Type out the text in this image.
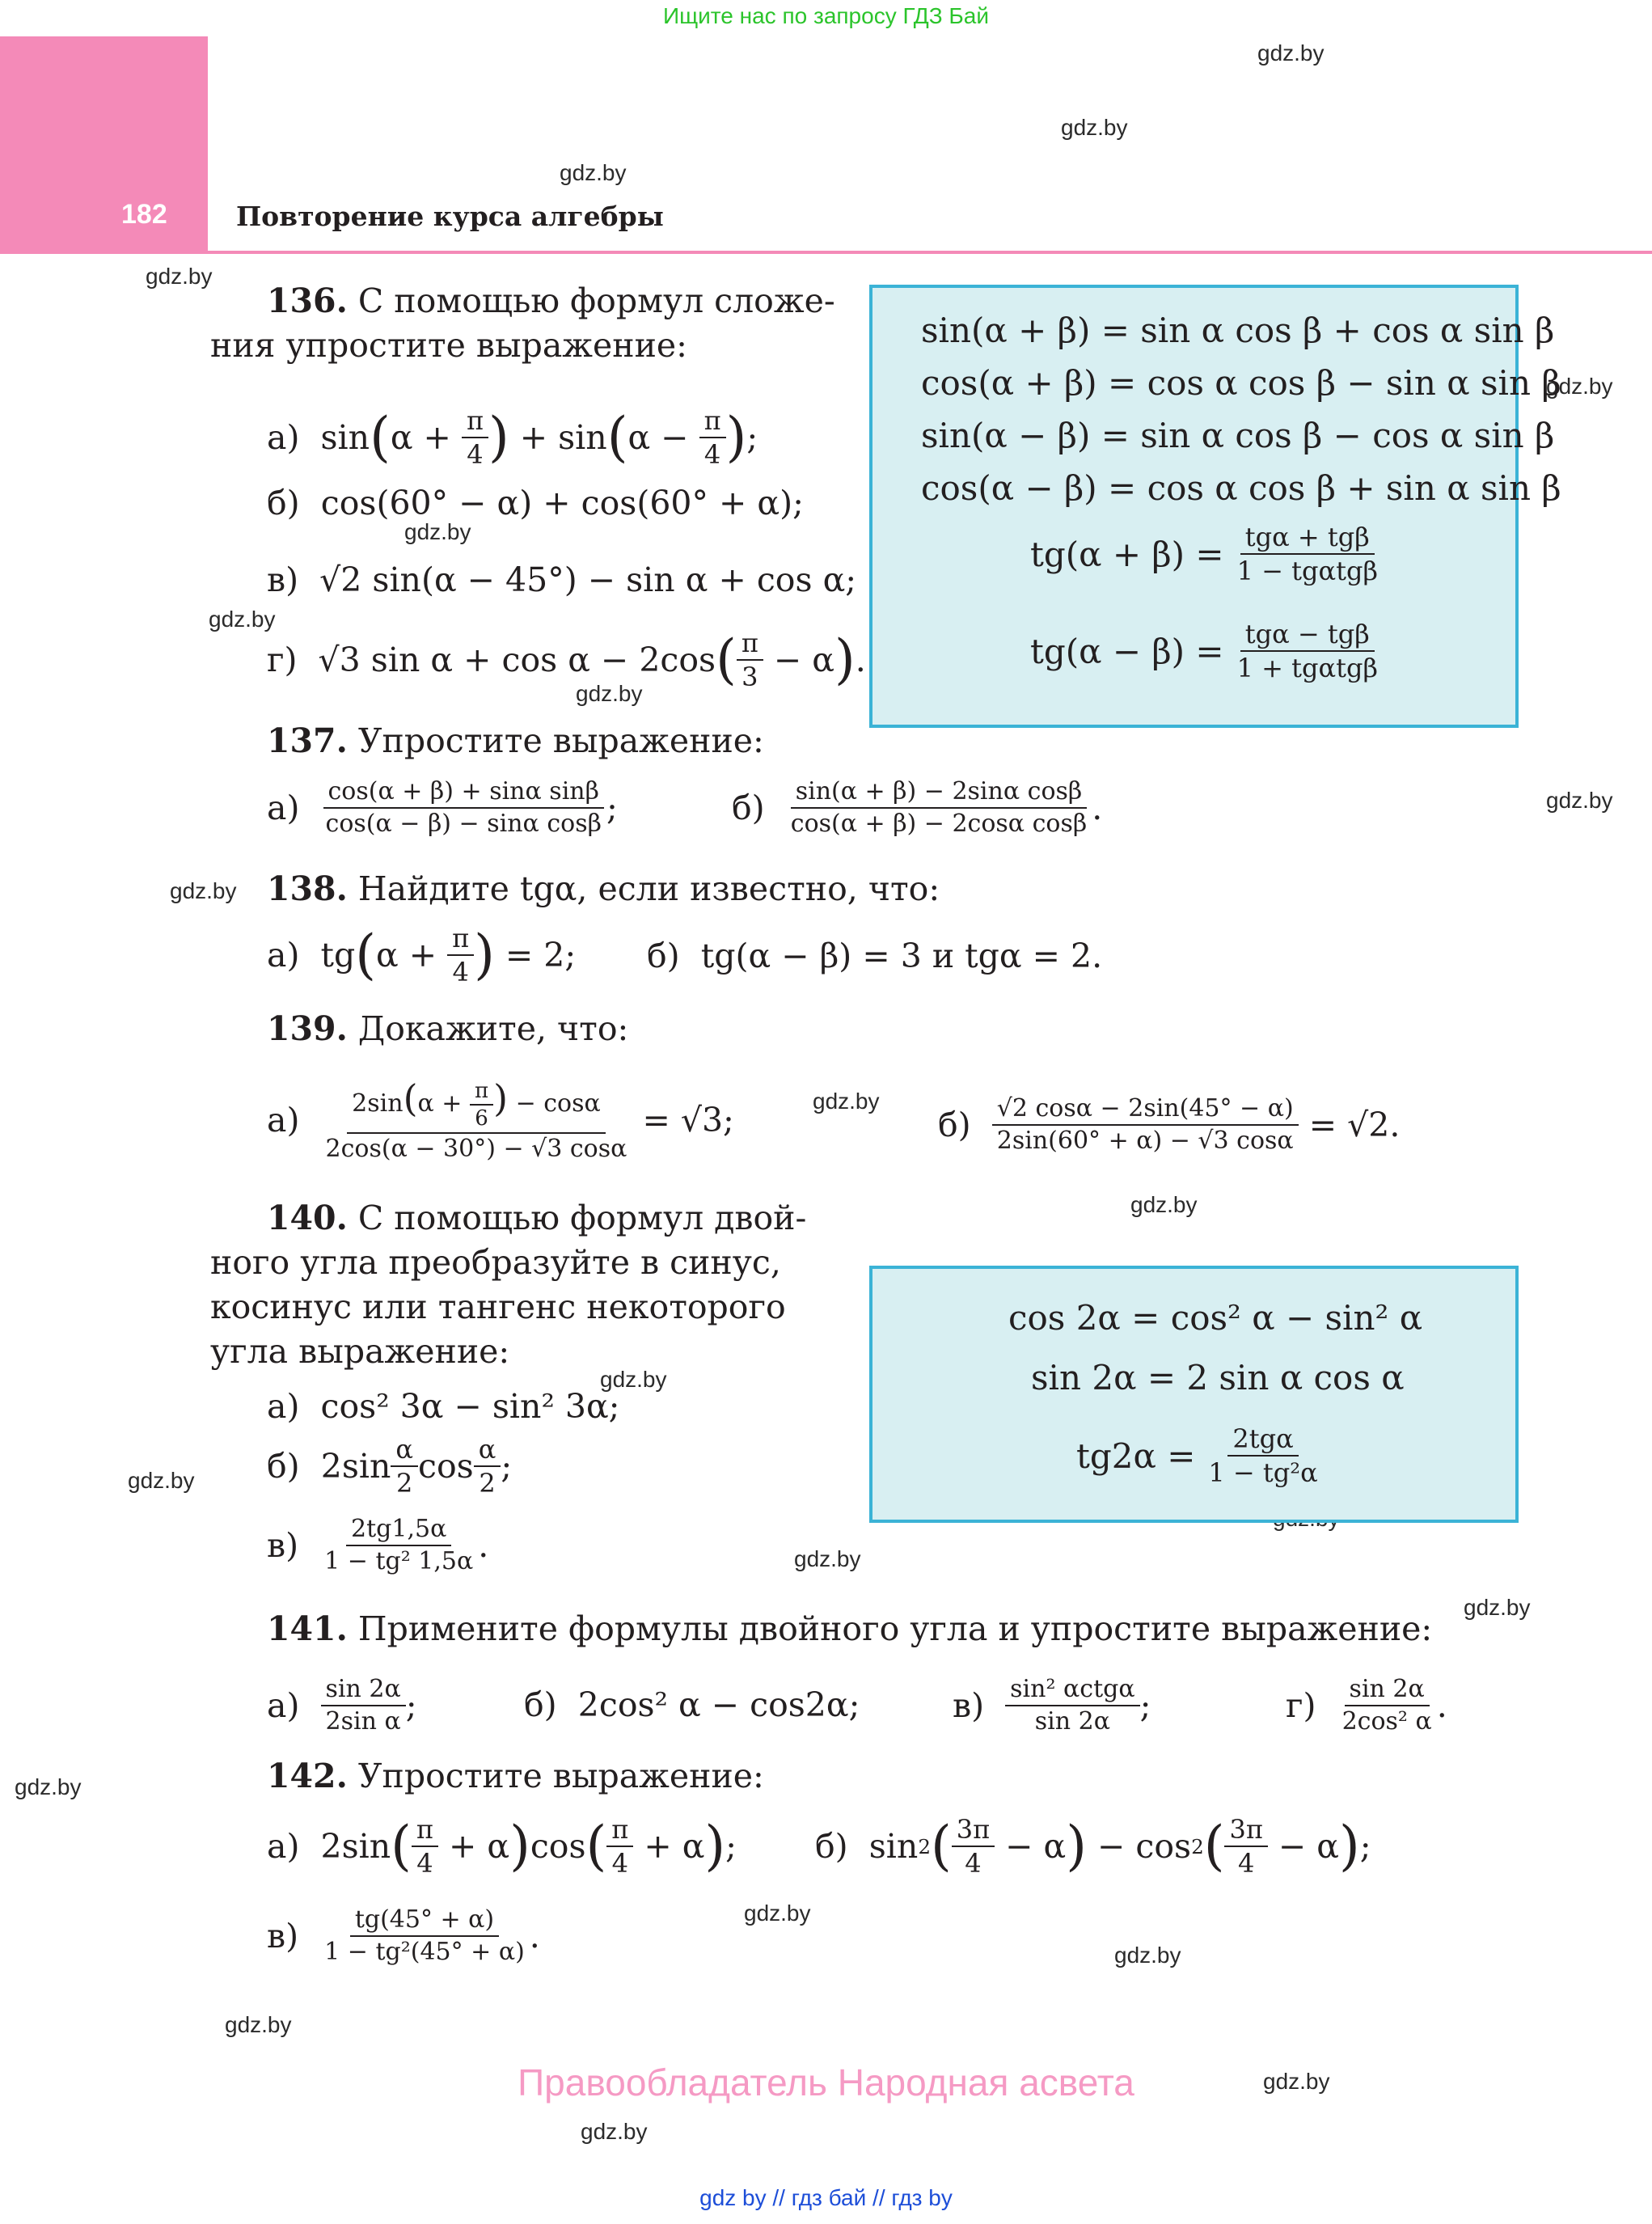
Ищите нас по запросу ГДЗ Бай
182	Повторение курса алгебры
gdz.by
gdz.by
gdz.by
gdz.by
gdz.by
gdz.by
gdz.by
gdz.by
gdz.by
gdz.by
gdz.by
gdz.by
gdz.by
gdz.by
gdz.by
gdz.by
gdz.by
gdz.by
gdz.by
gdz.by
gdz.by
gdz.by
sin(α + β) = sin α cos β + cos α sin β
cos(α + β) = cos α cos β − sin α sin β
sin(α − β) = sin α cos β − cos α sin β
cos(α − β) = cos α cos β + sin α sin β
$tg(\alpha + \beta) = \frac{\text{tgα + tgβ}}{\text{1 − tgαtgβ}}$
$tg(\alpha - \beta) = \frac{\text{tgα − tgβ}}{\text{1 + tgαtgβ}}$
136. С помощью формул сложе-
ния упростите выражение:
а) sin ( $\alpha + \frac{\pi}{4}$ ) + sin ( $\alpha - \frac{\pi}{4}$ ) ;
б) cos(60° − α) + cos(60° + α);
в) √2 sin(α − 45°) − sin α + cos α;
г) √3 sin α + cos α − 2cos ( $\frac{\pi}{3} - \alpha$ ) .
137. Упростите выражение:
а)
$\frac{\text{cos(α + β) + sinα sinβ}}{\text{cos(α − β) − sinα cosβ}}$ ;	б)
$\frac{\text{sin(α + β) − 2sinα cosβ}}{\text{cos(α + β) − 2cosα cosβ}}$ .
138. Найдите tgα, если известно, что:
а) tg ( $\alpha + \frac{\pi}{4}$ ) = 2; б) tg(α − β) = 3 и tgα = 2.
139. Докажите, что:
а)
$\frac{2\sin(\alpha + \frac{\pi}{6} ) - \cos\alpha}{2\cos(\alpha - 30^\circ) - √3 \cos\alpha} = √3$;	б)
$\frac{√2 \cos\alpha - 2\sin(45^\circ - \alpha)}{2\sin(60^\circ + \alpha) - √3 \cos\alpha} = √2$.
cos 2α = cos² α − sin² α
sin 2α = 2 sin α cos α
$tg2\alpha = \frac{\text{2tgα}}{\text{1 − tg²α}}$
140. С помощью формул двой-
ного угла преобразуйте в синус,
косинус или тангенс некоторого
угла выражение:
а) cos² 3α − sin² 3α;
б) $2\sin \frac{\alpha}{2}$ $\cos \frac{\alpha}{2}$ ;
в)
$\frac{2tg1,5\alpha}{\text{1 − tg² 1,5α}}$ .
141. Примените формулы двойного угла и упростите выражение:
а)
$\frac{\sin 2\alpha}{\text{2sin α}}$ ;	б) 2cos² α − cos2α;	в)
$\frac{\text{sin² αctgα}}{\sin 2\alpha}$ ;	г)
$\frac{\sin 2\alpha}{\text{2cos² α}}$ .
142. Упростите выражение:
а) 2sin ( $\frac{\pi}{4} + \alpha$ ) cos ( $\frac{\pi}{4} + \alpha$ ) ; б) sin 2 ( $\frac{3\pi}{4} - \alpha$ ) − cos 2 ( $\frac{3\pi}{4} - \alpha$ ) ;
в)
$\frac{tg(45^\circ + \alpha)}{\text{1 − tg²(45° + α)}}$ .
Правообладатель Народная асвета
gdz by // гдз бай // гдз by
